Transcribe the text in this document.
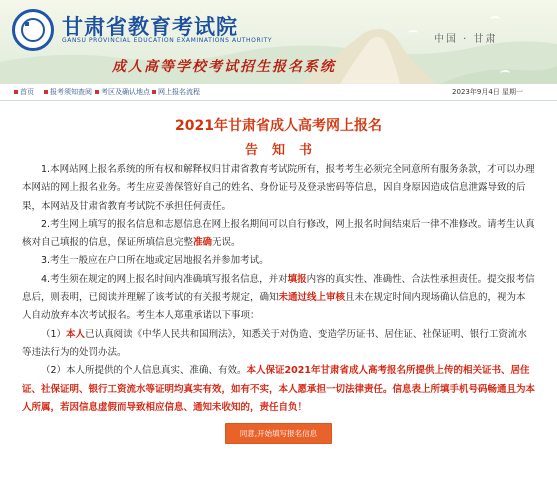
甘肃省教育考试院
GANSU PROVINCIAL EDUCATION EXAMINATIONS AUTHORITY	中国 · 甘肃
成人高等学校考试招生报名系统
首页	报考须知查阅	考区及确认地点	网上报名流程	2023年9月4日 星期一
2021年甘肃省成人高考网上报名
告知书

1.本网站网上报名系统的所有权和解释权归甘肃省教育考试院所有，报考考生必须完全同意所有服务条款，才可以办理本网站的网上报名业务。考生应妥善保管好自己的姓名、身份证号及登录密码等信息，因自身原因造成信息泄露导致的后果，本网站及甘肃省教育考试院不承担任何责任。

2.考生网上填写的报名信息和志愿信息在网上报名期间可以自行修改，网上报名时间结束后一律不准修改。请考生认真核对自己填报的信息，保证所填信息完整准确无误。

3.考生一般应在户口所在地或定居地报名并参加考试。

4.考生须在规定的网上报名时间内准确填写报名信息，并对填报内容的真实性、准确性、合法性承担责任。提交报考信息后，则表明，已阅读并理解了该考试的有关报考规定，确知未通过线上审核且未在规定时间内现场确认信息的，视为本人自动放弃本次考试报名。考生本人郑重承诺以下事项：

（1）本人已认真阅读《中华人民共和国刑法》，知悉关于对伪造、变造学历证书、居住证、社保证明、银行工资流水等违法行为的处罚办法。

（2）本人所提供的个人信息真实、准确、有效。本人保证2021年甘肃省成人高考报名所提供上传的相关证书、居住证、社保证明、银行工资流水等证明均真实有效，如有不实，本人愿承担一切法律责任。信息表上所填手机号码畅通且为本人所属，若因信息虚假而导致相应信息、通知未收知的，责任自负！

同意,开始填写报名信息
